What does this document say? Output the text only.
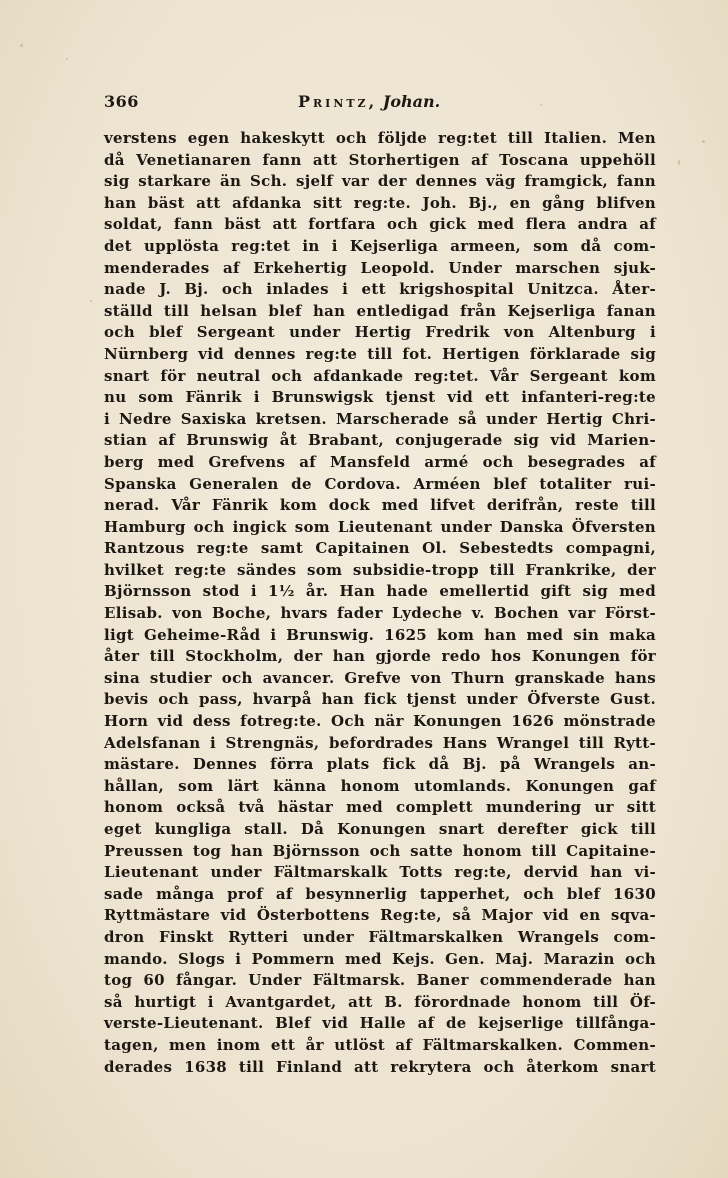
366	Printz, Johan.
verstens egen hakeskytt och följde reg:tet till Italien. Men
då Venetianaren fann att Storhertigen af Toscana uppehöll
sig starkare än Sch. sjelf var der dennes väg framgick, fann
han bäst att afdanka sitt reg:te. Joh. Bj., en gång blifven
soldat, fann bäst att fortfara och gick med flera andra af
det upplösta reg:tet in i Kejserliga armeen, som då com-
menderades af Erkehertig Leopold. Under marschen sjuk-
nade J. Bj. och inlades i ett krigshospital Unitzca. Åter-
ställd till helsan blef han entledigad från Kejserliga fanan
och blef Sergeant under Hertig Fredrik von Altenburg i
Nürnberg vid dennes reg:te till fot. Hertigen förklarade sig
snart för neutral och afdankade reg:tet. Vår Sergeant kom
nu som Fänrik i Brunswigsk tjenst vid ett infanteri-reg:te
i Nedre Saxiska kretsen. Marscherade så under Hertig Chri-
stian af Brunswig åt Brabant, conjugerade sig vid Marien-
berg med Grefvens af Mansfeld armé och besegrades af
Spanska Generalen de Cordova. Arméen blef totaliter rui-
nerad. Vår Fänrik kom dock med lifvet derifrån, reste till
Hamburg och ingick som Lieutenant under Danska Öfversten
Rantzous reg:te samt Capitainen Ol. Sebestedts compagni,
hvilket reg:te sändes som subsidie-tropp till Frankrike, der
Björnsson stod i 1½ år. Han hade emellertid gift sig med
Elisab. von Boche, hvars fader Lydeche v. Bochen var Först-
ligt Geheime-Råd i Brunswig. 1625 kom han med sin maka
åter till Stockholm, der han gjorde redo hos Konungen för
sina studier och avancer. Grefve von Thurn granskade hans
bevis och pass, hvarpå han fick tjenst under Öfverste Gust.
Horn vid dess fotreg:te. Och när Konungen 1626 mönstrade
Adelsfanan i Strengnäs, befordrades Hans Wrangel till Rytt-
mästare. Dennes förra plats fick då Bj. på Wrangels an-
hållan, som lärt känna honom utomlands. Konungen gaf
honom också två hästar med complett mundering ur sitt
eget kungliga stall. Då Konungen snart derefter gick till
Preussen tog han Björnsson och satte honom till Capitaine-
Lieutenant under Fältmarskalk Totts reg:te, dervid han vi-
sade många prof af besynnerlig tapperhet, och blef 1630
Ryttmästare vid Österbottens Reg:te, så Major vid en sqva-
dron Finskt Rytteri under Fältmarskalken Wrangels com-
mando. Slogs i Pommern med Kejs. Gen. Maj. Marazin och
tog 60 fångar. Under Fältmarsk. Baner commenderade han
så hurtigt i Avantgardet, att B. förordnade honom till Öf-
verste-Lieutenant. Blef vid Halle af de kejserlige tillfånga-
tagen, men inom ett år utlöst af Fältmarskalken. Commen-
derades 1638 till Finland att rekrytera och återkom snart
